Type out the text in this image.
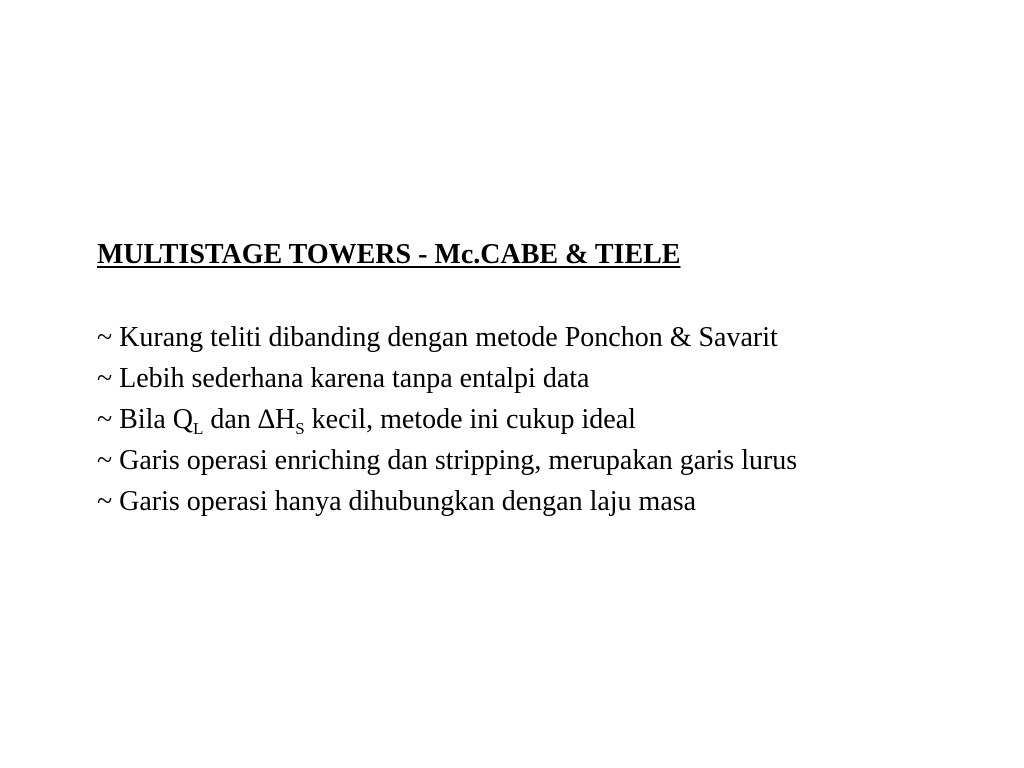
MULTISTAGE TOWERS - Mc.CABE & TIELE
~ Kurang teliti dibanding dengan metode Ponchon & Savarit
~ Lebih sederhana karena tanpa entalpi data
~ Bila $Q_L$ dan $\Delta H_S$ kecil, metode ini cukup ideal
~ Garis operasi enriching dan stripping, merupakan garis lurus
~ Garis operasi hanya dihubungkan dengan laju masa
